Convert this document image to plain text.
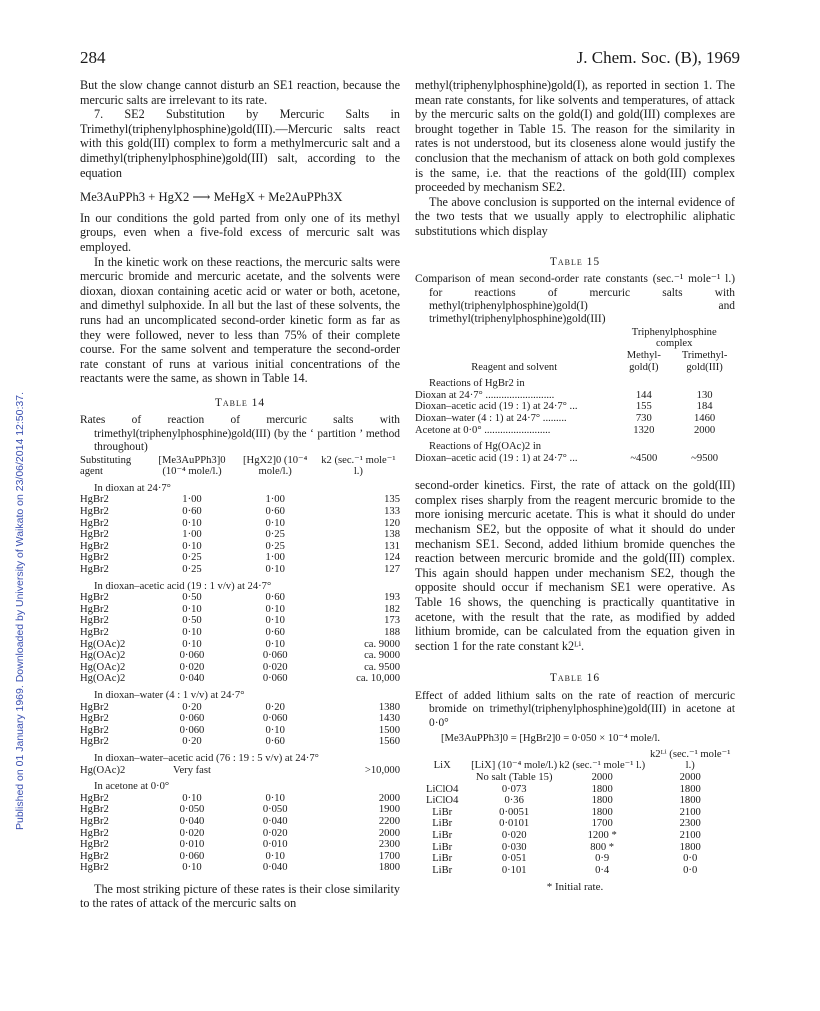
284	J. Chem. Soc. (B), 1969
Published on 01 January 1969. Downloaded by University of Waikato on 23/06/2014 12:50:37.

But the slow change cannot disturb an SE1 reaction, because the mercuric salts are irrelevant to its rate.

7. SE2 Substitution by Mercuric Salts in Trimethyl(triphenylphosphine)gold(III).—Mercuric salts react with this gold(III) complex to form a methylmercuric salt and a dimethyl(triphenylphosphine)gold(III) salt, according to the equation

Me3AuPPh3 + HgX2 ⟶ MeHgX + Me2AuPPh3X

In our conditions the gold parted from only one of its methyl groups, even when a five-fold excess of mercuric salt was employed.

In the kinetic work on these reactions, the mercuric salts were mercuric bromide and mercuric acetate, and the solvents were dioxan, dioxan containing acetic acid or water or both, acetone, and dimethyl sulphoxide. In all but the last of these solvents, the runs had an uncomplicated second-order kinetic form as far as they were followed, never to less than 75% of their complete course. For the same solvent and temperature the second-order rate constant of runs at various initial concentrations of the reactants were the same, as shown in Table 14.

Table 14

Rates of reaction of mercuric salts with trimethyl(triphenylphosphine)gold(III) (by the ‘ partition ’ method throughout)

Substituting agent	[Me3AuPPh3]0 (10⁻⁴ mole/l.)	[HgX2]0 (10⁻⁴ mole/l.)	k2 (sec.⁻¹ mole⁻¹ l.)
In dioxan at 24·7°			
HgBr2	1·00	1·00	135
HgBr2	0·60	0·60	133
HgBr2	0·10	0·10	120
HgBr2	1·00	0·25	138
HgBr2	0·10	0·25	131
HgBr2	0·25	1·00	124
HgBr2	0·25	0·10	127
In dioxan–acetic acid (19 : 1 v/v) at 24·7°			
HgBr2	0·50	0·60	193
HgBr2	0·10	0·10	182
HgBr2	0·50	0·10	173
HgBr2	0·10	0·60	188
Hg(OAc)2	0·10	0·10	ca. 9000
Hg(OAc)2	0·060	0·060	ca. 9000
Hg(OAc)2	0·020	0·020	ca. 9500
Hg(OAc)2	0·040	0·060	ca. 10,000
In dioxan–water (4 : 1 v/v) at 24·7°			
HgBr2	0·20	0·20	1380
HgBr2	0·060	0·060	1430
HgBr2	0·060	0·10	1500
HgBr2	0·20	0·60	1560
In dioxan–water–acetic acid (76 : 19 : 5 v/v) at 24·7°			
Hg(OAc)2	Very fast		>10,000
In acetone at 0·0°			
HgBr2	0·10	0·10	2000
HgBr2	0·050	0·050	1900
HgBr2	0·040	0·040	2200
HgBr2	0·020	0·020	2000
HgBr2	0·010	0·010	2300
HgBr2	0·060	0·10	1700
HgBr2	0·10	0·040	1800

The most striking picture of these rates is their close similarity to the rates of attack of the mercuric salts on

methyl(triphenylphosphine)gold(I), as reported in section 1. The mean rate constants, for like solvents and temperatures, of attack by the mercuric salts on the gold(I) and gold(III) complexes are brought together in Table 15. The reason for the similarity in rates is not understood, but its closeness alone would justify the conclusion that the mechanism of attack on both gold complexes is the same, i.e. that the reactions of the gold(III) complex proceeded by mechanism SE2.

The above conclusion is supported on the internal evidence of the two tests that we usually apply to electrophilic aliphatic substitutions which display

Table 15

Comparison of mean second-order rate constants (sec.⁻¹ mole⁻¹ l.) for reactions of mercuric salts with methyl(triphenylphosphine)gold(I) and trimethyl(triphenylphosphine)gold(III)

	Triphenylphosphine complex	
Reagent and solvent	Methyl-gold(I)	Trimethyl-gold(III)
Reactions of HgBr2 in		
Dioxan at 24·7° ..........................	144	130
Dioxan–acetic acid (19 : 1) at 24·7° ...	155	184
Dioxan–water (4 : 1) at 24·7° .........	730	1460
Acetone at 0·0° .........................	1320	2000
Reactions of Hg(OAc)2 in		
Dioxan–acetic acid (19 : 1) at 24·7° ...	~4500	~9500

second-order kinetics. First, the rate of attack on the gold(III) complex rises sharply from the reagent mercuric bromide to the more ionising mercuric acetate. This is what it should do under mechanism SE2, but the opposite of what it should do under mechanism SE1. Second, added lithium bromide quenches the reaction between mercuric bromide and the gold(III) complex. This again should happen under mechanism SE2, though the opposite should occur if mechanism SE1 were operative. As Table 16 shows, the quenching is practically quantitative in acetone, with the result that the rate, as modified by added lithium bromide, can be calculated from the equation given in section 1 for the rate constant k2ᴸⁱ.

Table 16

Effect of added lithium salts on the rate of reaction of mercuric bromide on trimethyl(triphenylphosphine)gold(III) in acetone at 0·0°

[Me3AuPPh3]0 = [HgBr2]0 = 0·050 × 10⁻⁴ mole/l.
LiX	[LiX] (10⁻⁴ mole/l.)	k2 (sec.⁻¹ mole⁻¹ l.)	k2ᴸⁱ (sec.⁻¹ mole⁻¹ l.)
	No salt (Table 15)	2000	2000
LiClO4	0·073	1800	1800
LiClO4	0·36	1800	1800
LiBr	0·0051	1800	2100
LiBr	0·0101	1700	2300
LiBr	0·020	1200 *	2100
LiBr	0·030	800 *	1800
LiBr	0·051	0·9	0·0
LiBr	0·101	0·4	0·0
* Initial rate.
